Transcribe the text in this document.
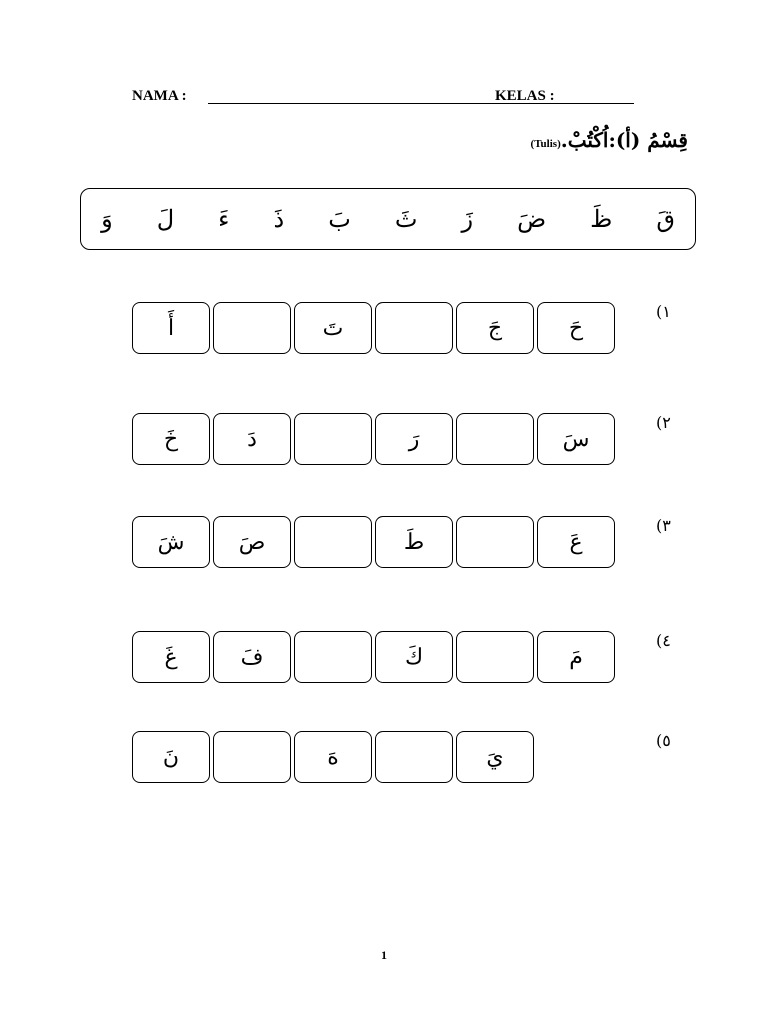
NAMA :	KELAS :
قِسْمُ (أ):اُكْتُبْ.(Tulis)
قَ
ظَ
ضَ
زَ
ثَ
بَ
ذَ
ءَ
لَ
وَ
١)
حَ
جَ
تَ
أَ
٢)
سَ
رَ
دَ
خَ
٣)
عَ
طَ
صَ
شَ
٤)
مَ
كَ
فَ
غَ
٥)
يَ
هَ
نَ
1
